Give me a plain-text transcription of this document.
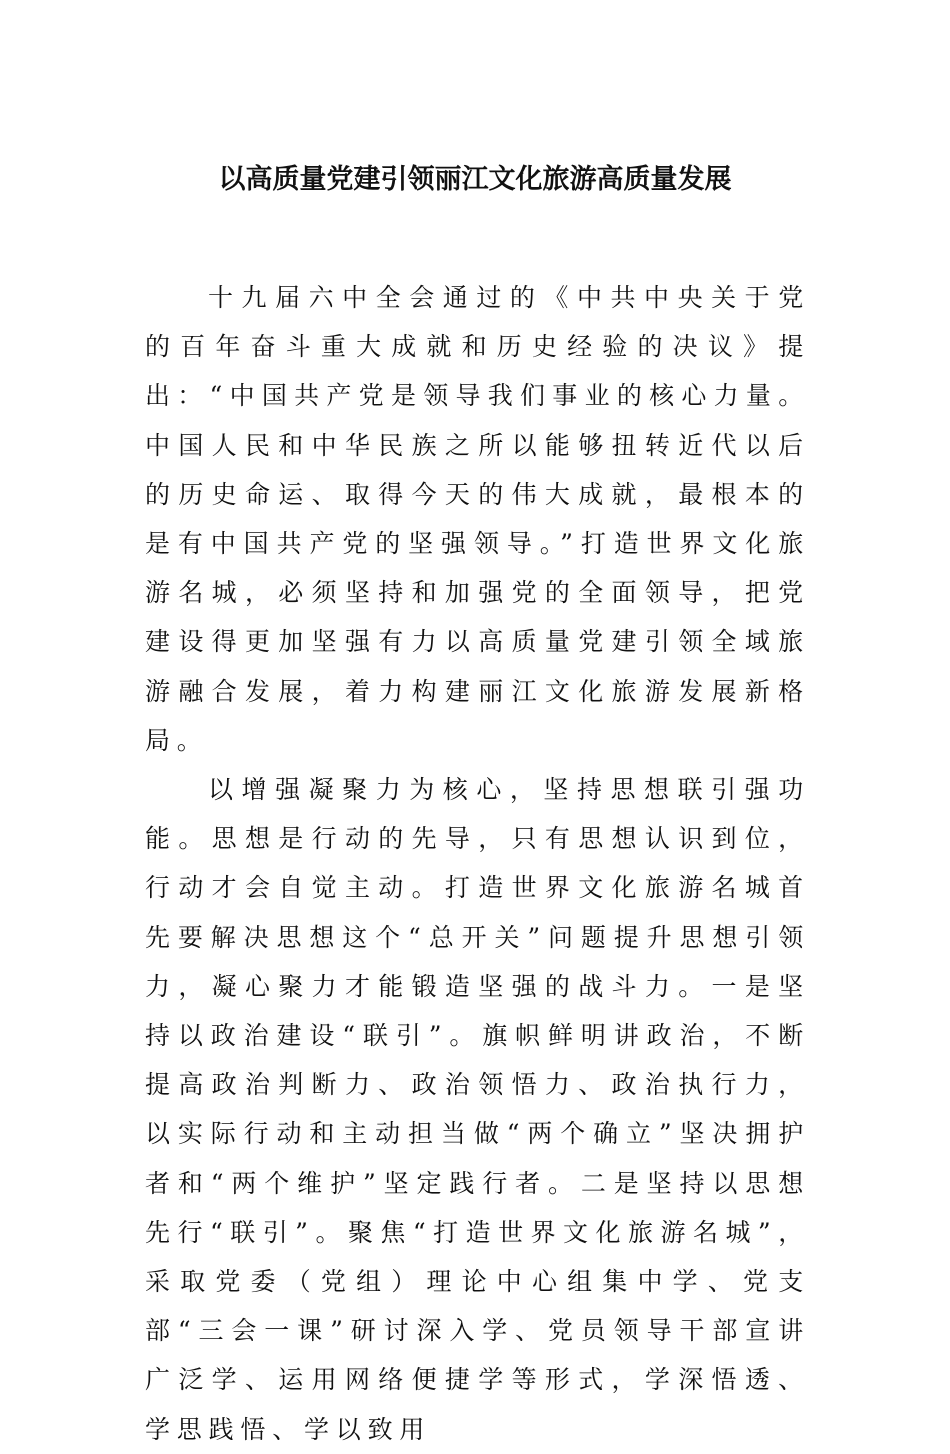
以高质量党建引领丽江文化旅游高质量发展

十九届六中全会通过的《中共中央关于党的百年奋斗重大成就和历史经验的决议》提出：“中国共产党是领导我们事业的核心力量。中国人民和中华民族之所以能够扭转近代以后的历史命运、取得今天的伟大成就，最根本的是有中国共产党的坚强领导。”打造世界文化旅游名城，必须坚持和加强党的全面领导，把党建设得更加坚强有力以高质量党建引领全域旅游融合发展，着力构建丽江文化旅游发展新格局。

以增强凝聚力为核心，坚持思想联引强功能。思想是行动的先导，只有思想认识到位，行动才会自觉主动。打造世界文化旅游名城首先要解决思想这个“总开关”问题提升思想引领力，凝心聚力才能锻造坚强的战斗力。一是坚持以政治建设“联引”。旗帜鲜明讲政治，不断提高政治判断力、政治领悟力、政治执行力，以实际行动和主动担当做“两个确立”坚决拥护者和“两个维护”坚定践行者。二是坚持以思想先行“联引”。聚焦“打造世界文化旅游名城”，采取党委（党组）理论中心组集中学、党支部“三会一课”研讨深入学、党员领导干部宣讲广泛学、运用网络便捷学等形式，学深悟透、学思践悟、学以致用
